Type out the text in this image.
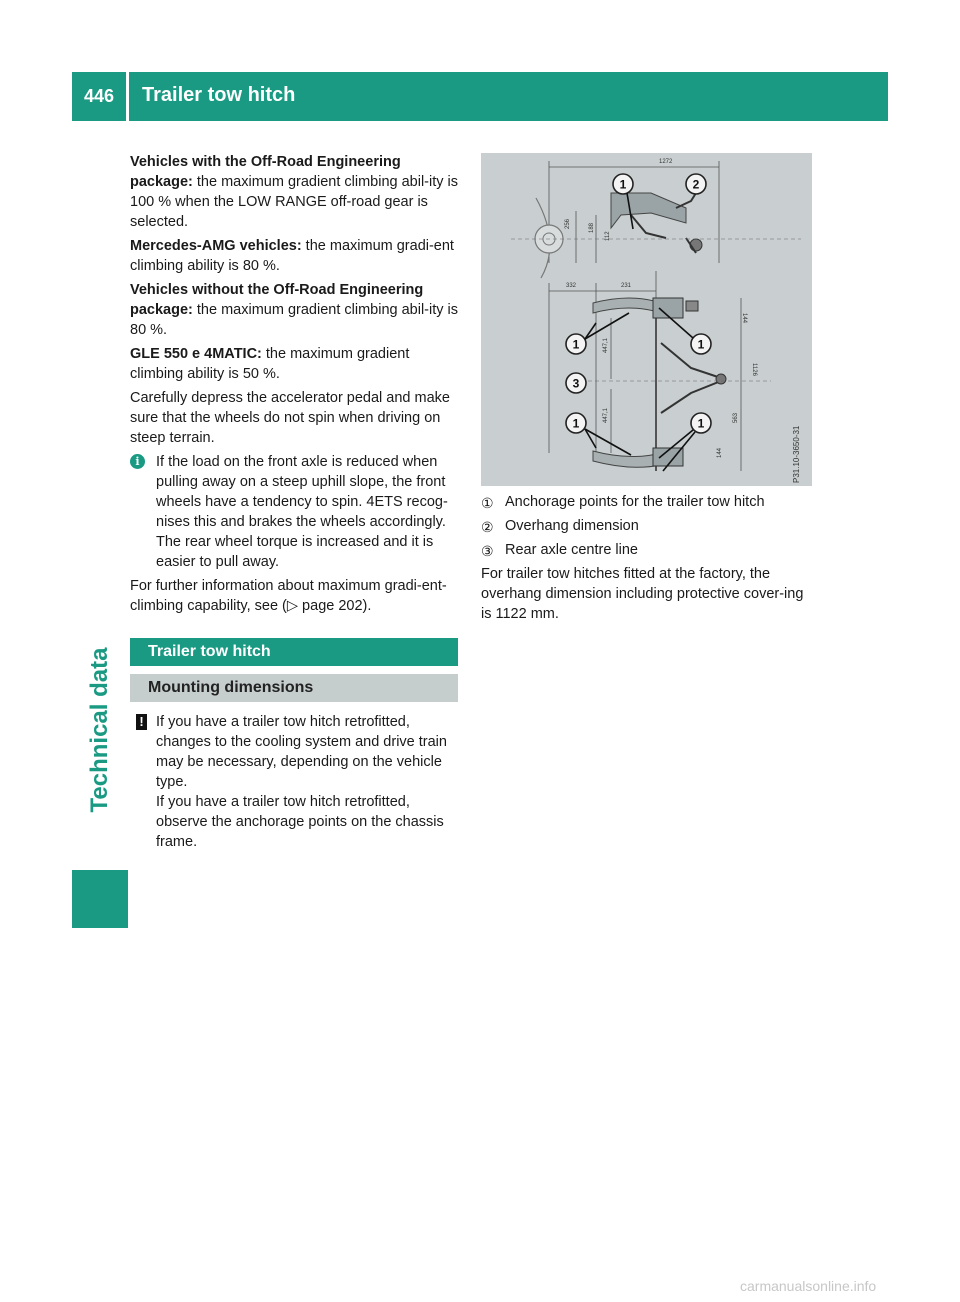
446 Trailer tow hitch
Technical data

Vehicles with the Off-Road Engineering package: the maximum gradient climbing abil-ity is 100 % when the LOW RANGE off-road gear is selected.

Mercedes-AMG vehicles: the maximum gradi-ent climbing ability is 80 %.

Vehicles without the Off-Road Engineering package: the maximum gradient climbing abil-ity is 80 %.

GLE 550 e 4MATIC: the maximum gradient climbing ability is 50 %.

Carefully depress the accelerator pedal and make sure that the wheels do not spin when driving on steep terrain.

i	If the load on the front axle is reduced when pulling away on a steep uphill slope, the front wheels have a tendency to spin. 4ETS recog-nises this and brakes the wheels accordingly. The rear wheel torque is increased and it is easier to pull away.

For further information about maximum gradi-ent-climbing capability, see (▷ page 202).

Trailer tow hitch
Mounting dimensions
! If you have a trailer tow hitch retrofitted, changes to the cooling system and drive train may be necessary, depending on the vehicle type.

If you have a trailer tow hitch retrofitted, observe the anchorage points on the chassis frame.

1272
256	188
112
1	2
332	231
447,1
447,1
144
1126
563
144
1	1
3
1	1
P31.10-3650-31

① Anchorage points for the trailer tow hitch

② Overhang dimension

③ Rear axle centre line

For trailer tow hitches fitted at the factory, the overhang dimension including protective cover-ing is 1122 mm.

carmanualsonline.info
